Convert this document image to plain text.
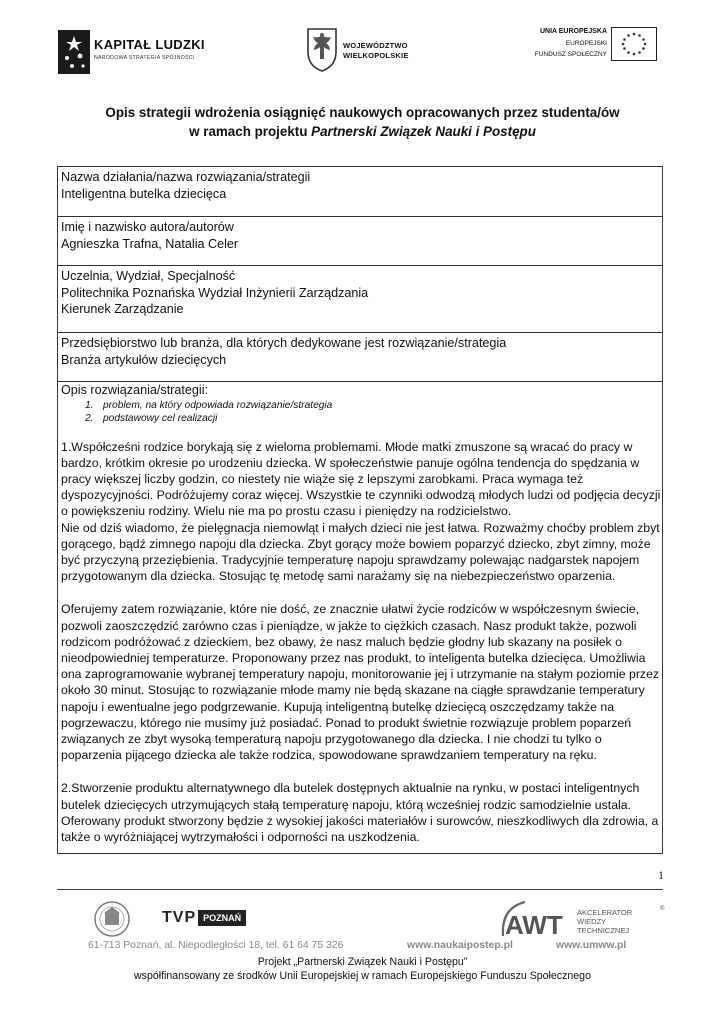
KAPITAŁ LUDZKI
NARODOWA STRATEGIA SPÓJNOŚCI
WOJEWÓDZTWO
WIELKOPOLSKIE
UNIA EUROPEJSKA
EUROPEJSKI
FUNDUSZ SPOŁECZNY
Opis strategii wdrożenia osiągnięć naukowych opracowanych przez studenta/ów
w ramach projektu Partnerski Związek Nauki i Postępu
Nazwa działania/nazwa rozwiązania/strategii
Inteligentna butelka dziecięca
Imię i nazwisko autora/autorów
Agnieszka Trafna, Natalia Celer
Uczelnia, Wydział, Specjalność
Politechnika Poznańska Wydział Inżynierii Zarządzania
Kierunek Zarządzanie
Przedsiębiorstwo lub branża, dla których dedykowane jest rozwiązanie/strategia
Branża artykułów dziecięcych
Opis rozwiązania/strategii:
1. problem, na który odpowiada rozwiązanie/strategia
2. podstawowy cel realizacji

1.Współcześni rodzice borykają się z wieloma problemami. Młode matki zmuszone są wracać do pracy w bardzo, krótkim okresie po urodzeniu dziecka. W społeczeństwie panuje ogólna tendencja do spędzania w pracy większej liczby godzin, co niestety nie wiąże się z lepszymi zarobkami. Praca wymaga też dyspozycyjności. Podróżujemy coraz więcej. Wszystkie te czynniki odwodzą młodych ludzi od podjęcia decyzji o powiększeniu rodziny. Wielu nie ma po prostu czasu i pieniędzy na rodzicielstwo.

Nie od dziś wiadomo, że pielęgnacja niemowląt i małych dzieci nie jest łatwa. Rozważmy choćby problem zbyt gorącego, bądź zimnego napoju dla dziecka. Zbyt gorący może bowiem poparzyć dziecko, zbyt zimny, może być przyczyną przeziębienia. Tradycyjnie temperaturę napoju sprawdzamy polewając nadgarstek napojem przygotowanym dla dziecka. Stosując tę metodę sami narażamy się na niebezpieczeństwo oparzenia.

Oferujemy zatem rozwiązanie, które nie dość, ze znacznie ułatwi życie rodziców w współczesnym świecie, pozwoli zaoszczędzić zarówno czas i pieniądze, w jakże to ciężkich czasach. Nasz produkt także, pozwoli rodzicom podróżować z dzieckiem, bez obawy, że nasz maluch będzie głodny lub skazany na posiłek o nieodpowiedniej temperaturze. Proponowany przez nas produkt, to inteligenta butelka dziecięca. Umożliwia ona zaprogramowanie wybranej temperatury napoju, monitorowanie jej i utrzymanie na stałym poziomie przez około 30 minut. Stosując to rozwiązanie młode mamy nie będą skazane na ciągłe sprawdzanie temperatury napoju i ewentualne jego podgrzewanie. Kupują inteligentną butelkę dziecięcą oszczędzamy także na pogrzewaczu, którego nie musimy już posiadać. Ponad to produkt świetnie rozwiązuje problem poparzeń związanych ze zbyt wysoką temperaturą napoju przygotowanego dla dziecka. I nie chodzi tu tylko o poparzenia pijącego dziecka ale także rodzica, spowodowane sprawdzaniem temperatury na ręku.

2.Stworzenie produktu alternatywnego dla butelek dostępnych aktualnie na rynku, w postaci inteligentnych butelek dziecięcych utrzymujących stałą temperaturę napoju, którą wcześniej rodzic samodzielnie ustala. Oferowany produkt stworzony będzie z wysokiej jakości materiałów i surowców, nieszkodliwych dla zdrowia, a także o wyróżniającej wytrzymałości i odporności na uszkodzenia.

1
TVP POZNAŃ	AWT AKCELERATOR
WIEDZY
TECHNICZNEJ
®
61-713 Poznań, al. Niepodległości 18, tel. 61 64 75 326	www.naukaipostep.pl	www.umww.pl
Projekt „Partnerski Związek Nauki i Postępu”
współfinansowany ze środków Unii Europejskiej w ramach Europejskiego Funduszu Społecznego
